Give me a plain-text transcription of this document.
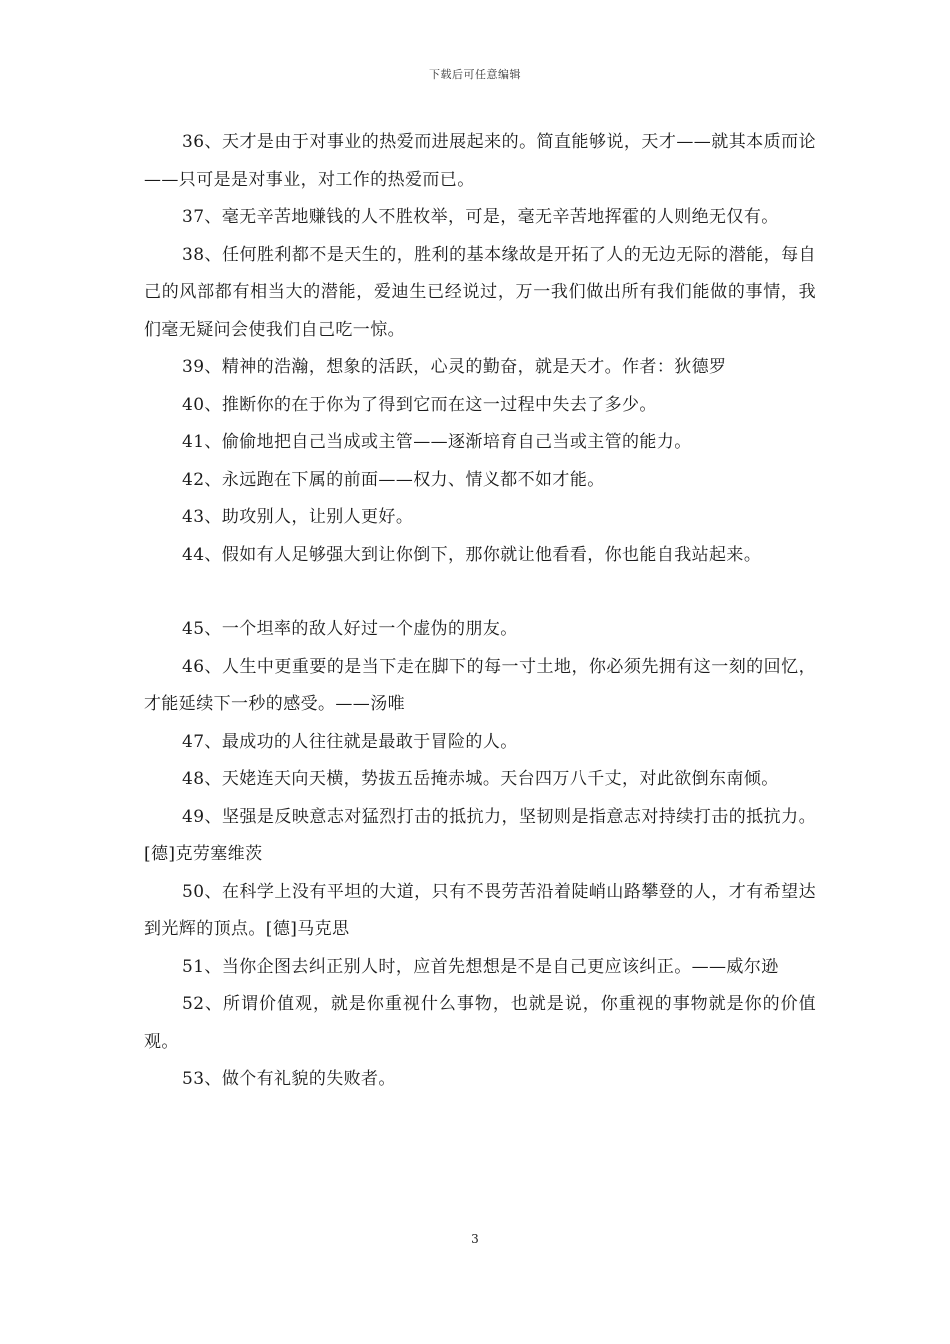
下载后可任意编辑

36、天才是由于对事业的热爱而进展起来的。简直能够说，天才——就其本质而论——只可是是对事业，对工作的热爱而已。

37、毫无辛苦地赚钱的人不胜枚举，可是，毫无辛苦地挥霍的人则绝无仅有。

38、任何胜利都不是天生的，胜利的基本缘故是开拓了人的无边无际的潜能，每自己的风部都有相当大的潜能，爱迪生已经说过，万一我们做出所有我们能做的事情，我们毫无疑问会使我们自己吃一惊。

39、精神的浩瀚，想象的活跃，心灵的勤奋，就是天才。作者：狄德罗

40、推断你的在于你为了得到它而在这一过程中失去了多少。

41、偷偷地把自己当成或主管——逐渐培育自己当或主管的能力。

42、永远跑在下属的前面——权力、情义都不如才能。

43、助攻别人，让别人更好。

44、假如有人足够强大到让你倒下，那你就让他看看，你也能自我站起来。

45、一个坦率的敌人好过一个虚伪的朋友。

46、人生中更重要的是当下走在脚下的每一寸土地，你必须先拥有这一刻的回忆，才能延续下一秒的感受。——汤唯

47、最成功的人往往就是最敢于冒险的人。

48、天姥连天向天横，势拔五岳掩赤城。天台四万八千丈，对此欲倒东南倾。

49、坚强是反映意志对猛烈打击的抵抗力，坚韧则是指意志对持续打击的抵抗力。[德]克劳塞维茨

50、在科学上没有平坦的大道，只有不畏劳苦沿着陡峭山路攀登的人，才有希望达到光辉的顶点。[德]马克思

51、当你企图去纠正别人时，应首先想想是不是自己更应该纠正。——威尔逊

52、所谓价值观，就是你重视什么事物，也就是说，你重视的事物就是你的价值观。

53、做个有礼貌的失败者。

3
